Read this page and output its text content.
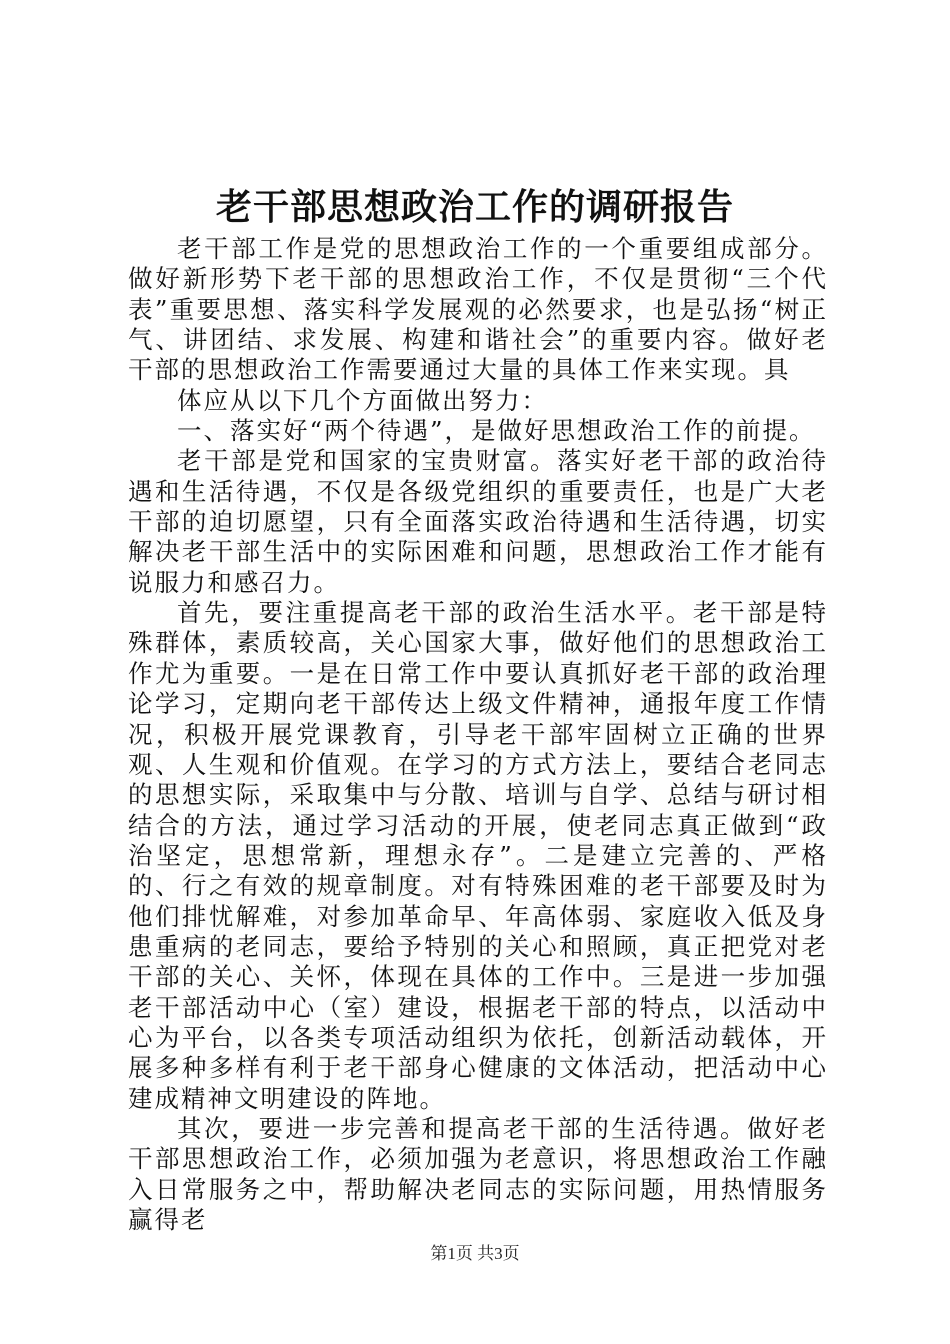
老干部思想政治工作的调研报告

老干部工作是党的思想政治工作的一个重要组成部分。做好新形势下老干部的思想政治工作，不仅是贯彻“三个代表”重要思想、落实科学发展观的必然要求，也是弘扬“树正气、讲团结、求发展、构建和谐社会”的重要内容。做好老干部的思想政治工作需要通过大量的具体工作来实现。具

体应从以下几个方面做出努力：

一、落实好“两个待遇”，是做好思想政治工作的前提。

老干部是党和国家的宝贵财富。落实好老干部的政治待遇和生活待遇，不仅是各级党组织的重要责任，也是广大老干部的迫切愿望，只有全面落实政治待遇和生活待遇，切实解决老干部生活中的实际困难和问题，思想政治工作才能有说服力和感召力。

首先，要注重提高老干部的政治生活水平。老干部是特殊群体，素质较高，关心国家大事，做好他们的思想政治工作尤为重要。一是在日常工作中要认真抓好老干部的政治理论学习，定期向老干部传达上级文件精神，通报年度工作情况，积极开展党课教育，引导老干部牢固树立正确的世界观、人生观和价值观。在学习的方式方法上，要结合老同志的思想实际，采取集中与分散、培训与自学、总结与研讨相结合的方法，通过学习活动的开展，使老同志真正做到“政治坚定，思想常新，理想永存”。二是建立完善的、严格的、行之有效的规章制度。对有特殊困难的老干部要及时为他们排忧解难，对参加革命早、年高体弱、家庭收入低及身患重病的老同志，要给予特别的关心和照顾，真正把党对老干部的关心、关怀，体现在具体的工作中。三是进一步加强老干部活动中心（室）建设，根据老干部的特点，以活动中心为平台，以各类专项活动组织为依托，创新活动载体，开展多种多样有利于老干部身心健康的文体活动，把活动中心建成精神文明建设的阵地。

其次，要进一步完善和提高老干部的生活待遇。做好老干部思想政治工作，必须加强为老意识，将思想政治工作融入日常服务之中，帮助解决老同志的实际问题，用热情服务赢得老

第1页 共3页
